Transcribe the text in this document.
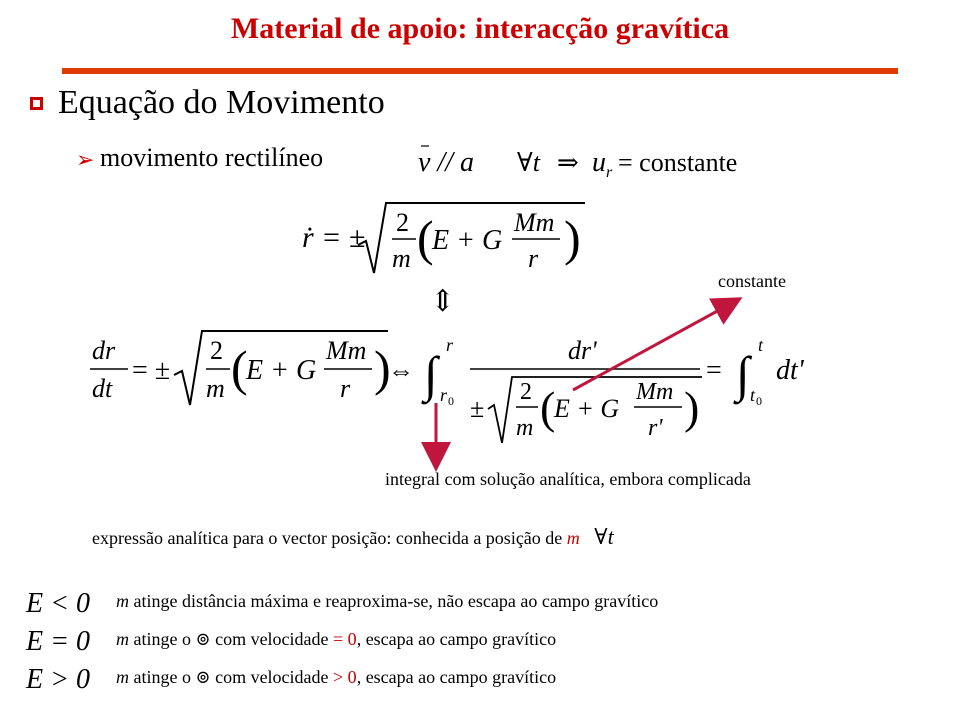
Material de apoio: interacção gravítica
Equação do Movimento
➢ movimento rectilíneo	v // a ∀t ⇒ u r = constante
ṙ = ± 2
m (
E + G
Mm
r )
⇕
constante
dr
dt
= ±
2
m (
E + G
Mm
r )
⇔ ∫
r
r 0
dr'
±
2
m (
E + G
Mm
r' )
= ∫
t
t 0
dt'
integral com solução analítica, embora complicada
expressão analítica para o vector posição: conhecida a posição de m ∀t
E < 0 m atinge distância máxima e reaproxima-se, não escapa ao campo gravítico
E = 0 m atinge o ⊚ com velocidade = 0, escapa ao campo gravítico
E > 0 m atinge o ⊚ com velocidade > 0, escapa ao campo gravítico
